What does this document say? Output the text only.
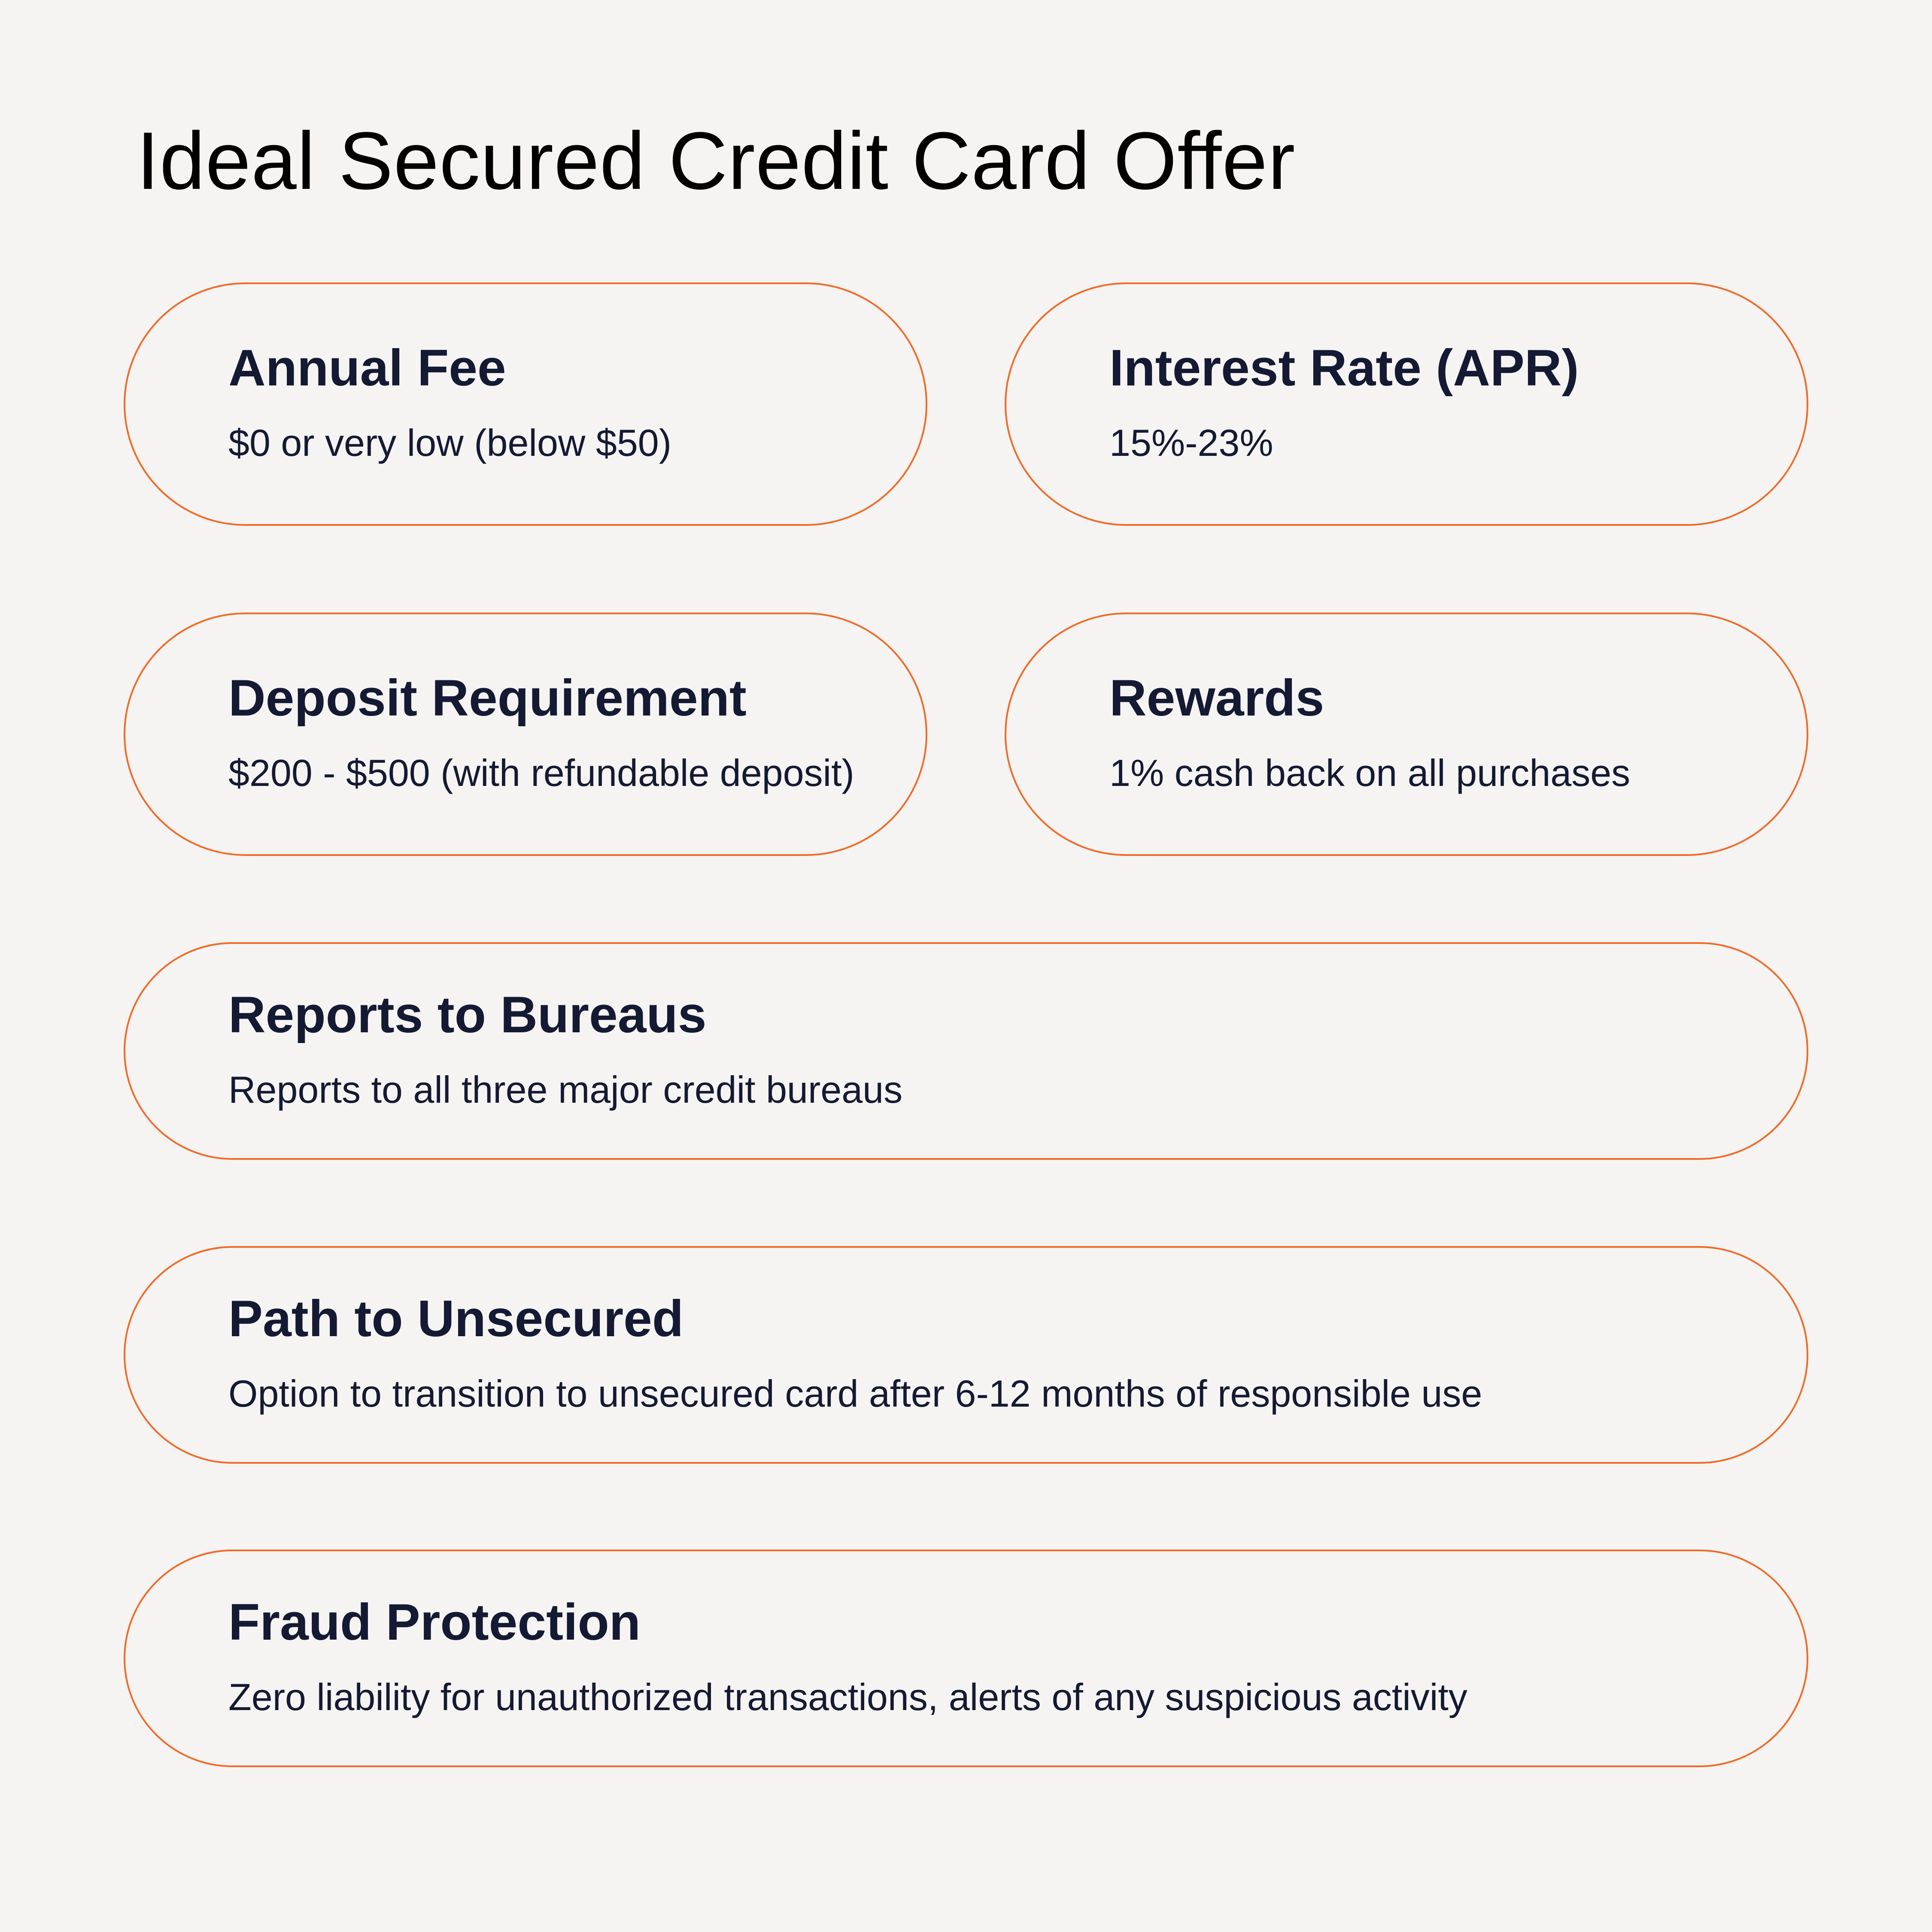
Ideal Secured Credit Card Offer
Annual Fee
$0 or very low (below $50)
Interest Rate (APR)
15%-23%
Deposit Requirement
$200 - $500 (with refundable deposit)
Rewards
1% cash back on all purchases
Reports to Bureaus
Reports to all three major credit bureaus
Path to Unsecured
Option to transition to unsecured card after 6-12 months of responsible use
Fraud Protection
Zero liability for unauthorized transactions, alerts of any suspicious activity
